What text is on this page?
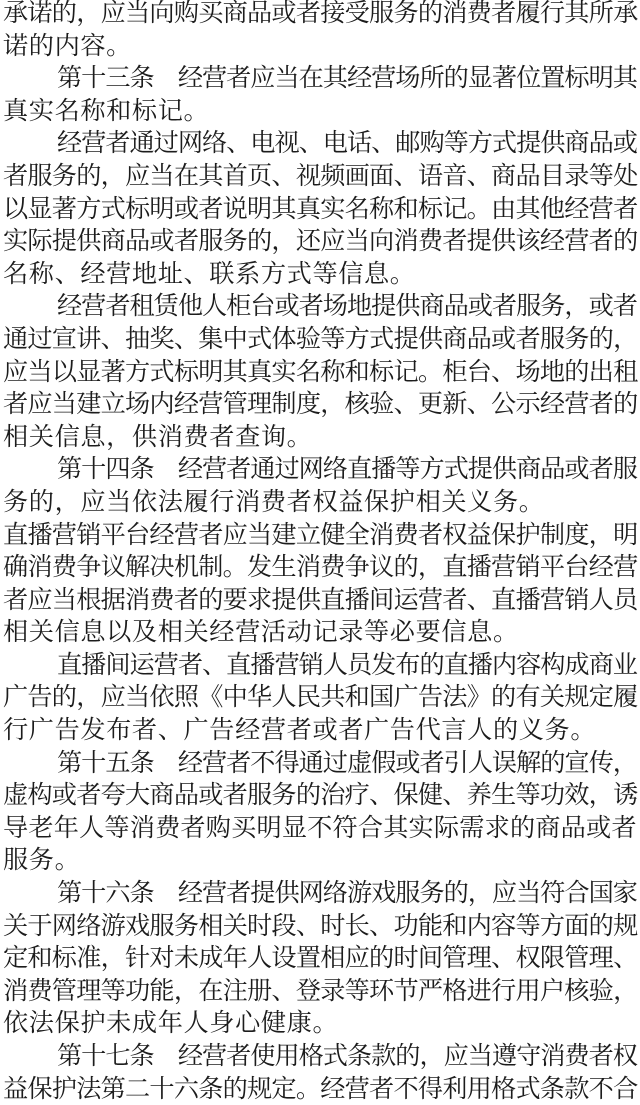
承诺的，应当向购买商品或者接受服务的消费者履行其所承
诺的内容。
第十三条　经营者应当在其经营场所的显著位置标明其
真实名称和标记。
经营者通过网络、电视、电话、邮购等方式提供商品或
者服务的，应当在其首页、视频画面、语音、商品目录等处
以显著方式标明或者说明其真实名称和标记。由其他经营者
实际提供商品或者服务的，还应当向消费者提供该经营者的
名称、经营地址、联系方式等信息。
经营者租赁他人柜台或者场地提供商品或者服务，或者
通过宣讲、抽奖、集中式体验等方式提供商品或者服务的，
应当以显著方式标明其真实名称和标记。柜台、场地的出租
者应当建立场内经营管理制度，核验、更新、公示经营者的
相关信息，供消费者查询。
第十四条　经营者通过网络直播等方式提供商品或者服
务的，应当依法履行消费者权益保护相关义务。
直播营销平台经营者应当建立健全消费者权益保护制度，明
确消费争议解决机制。发生消费争议的，直播营销平台经营
者应当根据消费者的要求提供直播间运营者、直播营销人员
相关信息以及相关经营活动记录等必要信息。
直播间运营者、直播营销人员发布的直播内容构成商业
广告的，应当依照《中华人民共和国广告法》的有关规定履
行广告发布者、广告经营者或者广告代言人的义务。
第十五条　经营者不得通过虚假或者引人误解的宣传，
虚构或者夸大商品或者服务的治疗、保健、养生等功效，诱
导老年人等消费者购买明显不符合其实际需求的商品或者
服务。
第十六条　经营者提供网络游戏服务的，应当符合国家
关于网络游戏服务相关时段、时长、功能和内容等方面的规
定和标准，针对未成年人设置相应的时间管理、权限管理、
消费管理等功能，在注册、登录等环节严格进行用户核验，
依法保护未成年人身心健康。
第十七条　经营者使用格式条款的，应当遵守消费者权
益保护法第二十六条的规定。经营者不得利用格式条款不合
